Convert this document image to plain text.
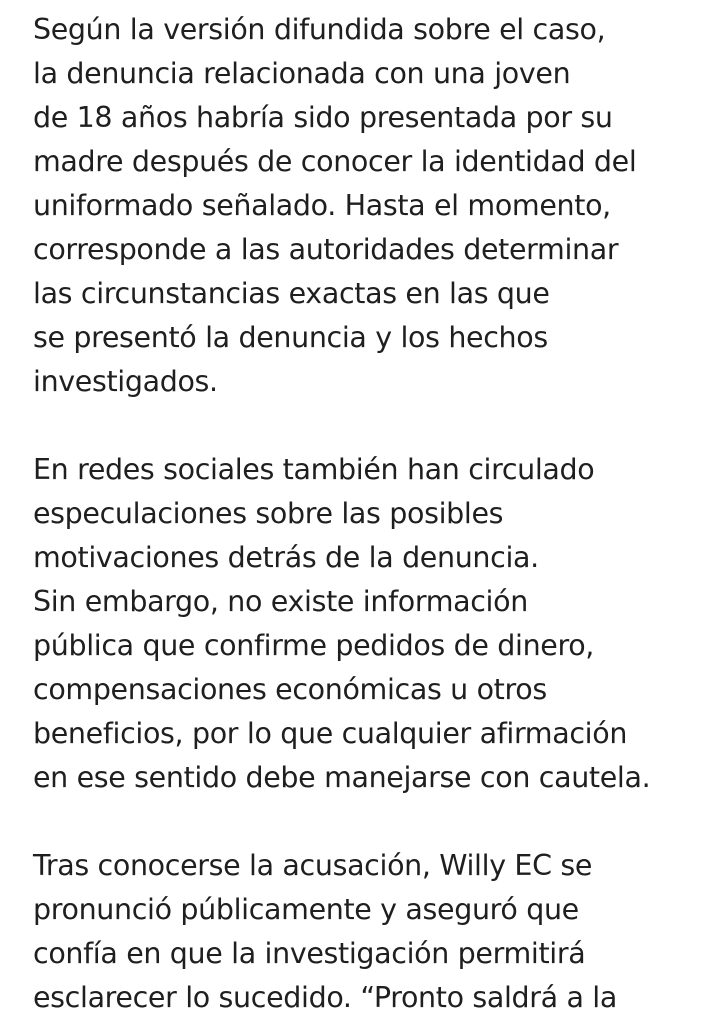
Según la versión difundida sobre el caso,
la denuncia relacionada con una joven
de 18 años habría sido presentada por su
madre después de conocer la identidad del
uniformado señalado. Hasta el momento,
corresponde a las autoridades determinar
las circunstancias exactas en las que
se presentó la denuncia y los hechos
investigados.
En redes sociales también han circulado
especulaciones sobre las posibles
motivaciones detrás de la denuncia.
Sin embargo, no existe información
pública que confirme pedidos de dinero,
compensaciones económicas u otros
beneficios, por lo que cualquier afirmación
en ese sentido debe manejarse con cautela.
Tras conocerse la acusación, Willy EC se
pronunció públicamente y aseguró que
confía en que la investigación permitirá
esclarecer lo sucedido. “Pronto saldrá a la
